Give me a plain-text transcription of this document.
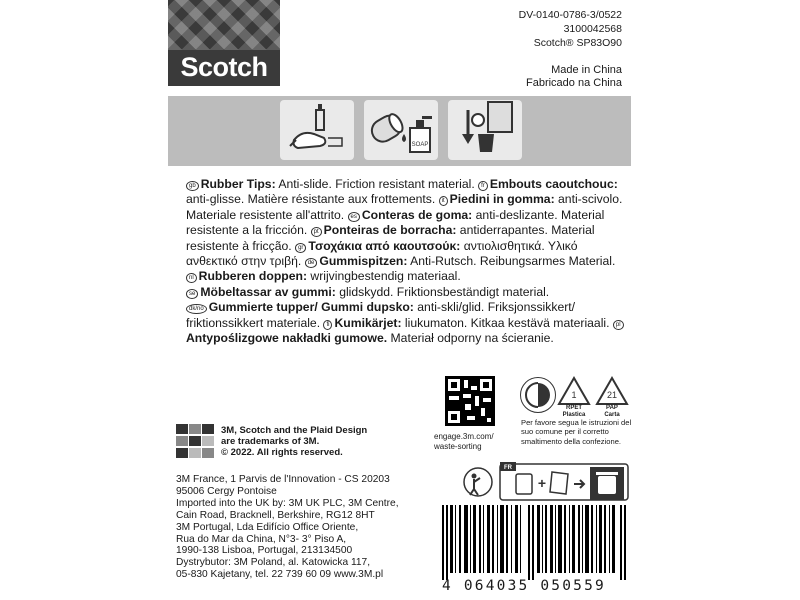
Scotch
DV-0140-0786-3/0522
3100042568
Scotch® SP83O90
Made in China
Fabricado na China
SOAP
gb Rubber Tips: Anti-slide. Friction resistant material. fr Embouts caoutchouc: anti-glisse. Matière résistante aux frottements. it Piedini in gomma: anti-scivolo. Materiale resistente all'attrito. es Conteras de goma: anti-deslizante. Material resistente a la fricción. pt Ponteiras de borracha: antiderrapantes. Material resistente à fricção. gr Τσοχάκια από καουτσούκ: αντιολισθητικά. Υλικό ανθεκτικό στην τριβή. de Gummispitzen: Anti-Rutsch. Reibungsarmes Material. nl Rubberen doppen: wrijvingbestendig materiaal.
se Möbeltassar av gummi: glidskydd. Friktionsbeständigt material.
dk/no Gummierte tupper/ Gummi dupsko: anti-skli/glid. Friksjonssikkert/ friktionssikkert materiale. fi Kumikärjet: liukumaton. Kitkaa kestävä materiaali. plAntypoślizgowe nakładki gumowe. Materiał odporny na ścieranie.
engage.3m.com/
waste-sorting
1
RPET
Plastica
21
PAP
Carta
Per favore segua le istruzioni del suo comune per il corretto smaltimento della confezione.
3M, Scotch and the Plaid Design
are trademarks of 3M.
© 2022. All rights reserved.
3M France, 1 Parvis de l'Innovation - CS 20203
95006 Cergy Pontoise
Imported into the UK by: 3M UK PLC, 3M Centre,
Cain Road, Bracknell, Berkshire, RG12 8HT
3M Portugal, Lda Edifício Office Oriente,
Rua do Mar da China, N°3- 3° Piso A,
1990-138 Lisboa, Portugal, 213134500
Dystrybutor: 3M Poland, al. Katowicka 117,
05-830 Kajetany, tel. 22 739 60 09 www.3M.pl
FR
+
4 064035 050559
